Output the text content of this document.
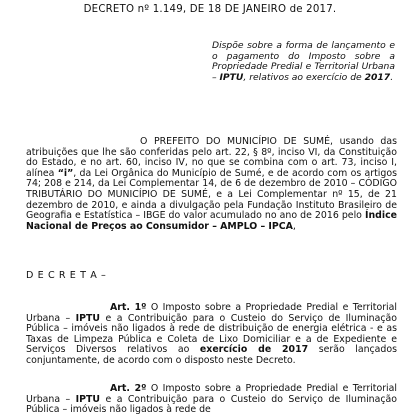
DECRETO nº 1.149, DE 18 DE JANEIRO de 2017.
Dispõe sobre a forma de lançamento e o pagamento do Imposto sobre a Propriedade Predial e Territorial Urbana – IPTU, relativos ao exercício de 2017.
O PREFEITO DO MUNICÍPIO DE SUMÉ, usando das atribuições que lhe são conferidas pelo art. 22, § 8º, inciso VI, da Constituição do Estado, e no art. 60, inciso IV, no que se combina com o art. 73, inciso I, alínea “i”, da Lei Orgânica do Município de Sumé, e de acordo com os artigos 74; 208 e 214, da Lei Complementar 14, de 6 de dezembro de 2010 – CÓDIGO TRIBUTÁRIO DO MUNICÍPIO DE SUMÉ, e a Lei Complementar nº 15, de 21 dezembro de 2010, e ainda a divulgação pela Fundação Instituto Brasileiro de Geografia e Estatística – IBGE do valor acumulado no ano de 2016 pelo Índice Nacional de Preços ao Consumidor – AMPLO – IPCA,
D E C R E T A –
Art. 1º O Imposto sobre a Propriedade Predial e Territorial Urbana – IPTU e a Contribuição para o Custeio do Serviço de Iluminação Pública – imóveis não ligados à rede de distribuição de energia elétrica - e as Taxas de Limpeza Pública e Coleta de Lixo Domiciliar e a de Expediente e Serviços Diversos relativos ao exercício de 2017 serão lançados conjuntamente, de acordo com o disposto neste Decreto.
Art. 2º O Imposto sobre a Propriedade Predial e Territorial Urbana – IPTU e a Contribuição para o Custeio do Serviço de Iluminação Pública – imóveis não ligados à rede de
